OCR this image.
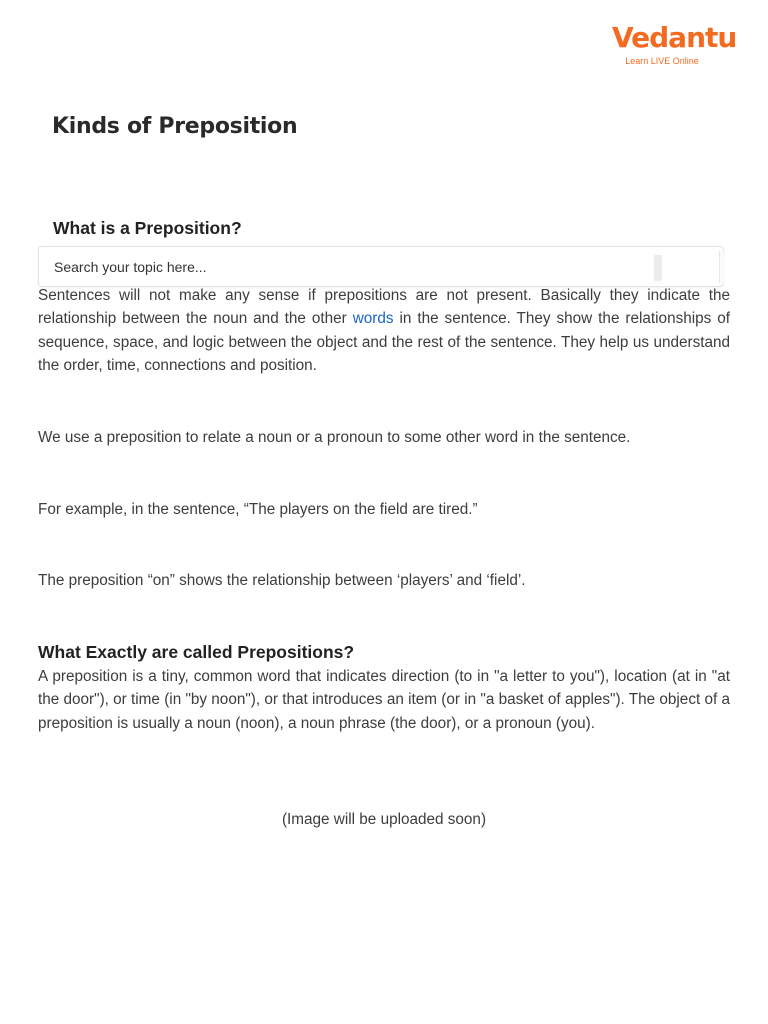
Vedantu
Learn LIVE Online
Kinds of Preposition
What is a Preposition?
Search your topic here...

Sentences will not make any sense if prepositions are not present. Basically they indicate the relationship between the noun and the other words in the sentence. They show the relationships of sequence, space, and logic between the object and the rest of the sentence. They help us understand the order, time, connections and position.

We use a preposition to relate a noun or a pronoun to some other word in the sentence.

For example, in the sentence, “The players on the field are tired.”

The preposition “on” shows the relationship between ‘players’ and ‘field’.

What Exactly are called Prepositions?

A preposition is a tiny, common word that indicates direction (to in "a letter to you"), location (at in "at the door"), or time (in "by noon"), or that introduces an item (or in "a basket of apples"). The object of a preposition is usually a noun (noon), a noun phrase (the door), or a pronoun (you).

(Image will be uploaded soon)
